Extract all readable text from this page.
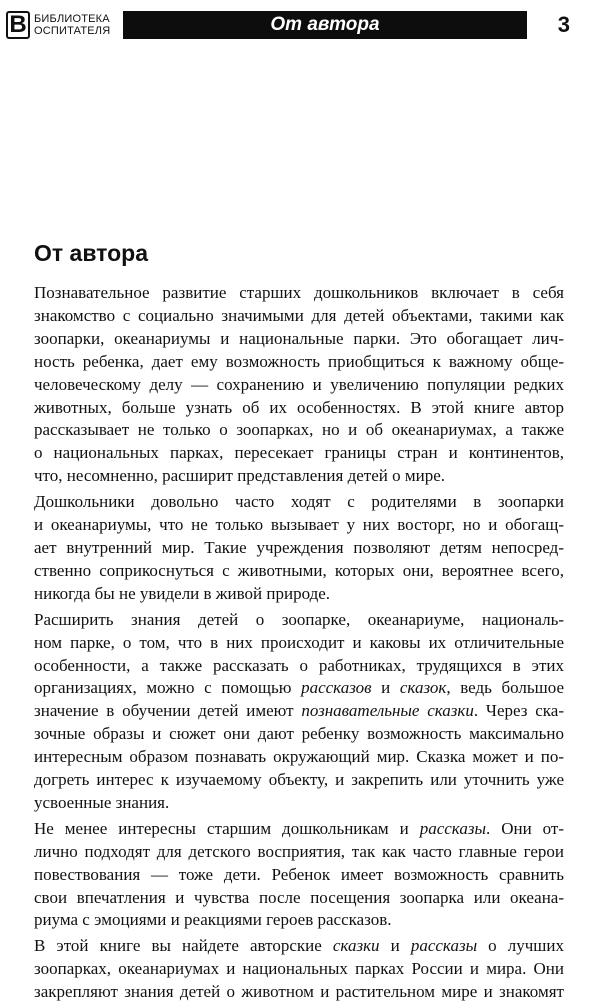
В БИБЛИОТЕКА
ОСПИТАТЕЛЯ	От автора	3
От автора

Познавательное развитие старших дошкольников включает в себя

знакомство с социально значимыми для детей объектами, такими как

зоопарки, океанариумы и национальные парки. Это обогащает лич-

ность ребенка, дает ему возможность приобщиться к важному обще-

человеческому делу — сохранению и увеличению популяции редких

животных, больше узнать об их особенностях. В этой книге автор

рассказывает не только о зоопарках, но и об океанариумах, а также

о национальных парках, пересекает границы стран и континентов,

что, несомненно, расширит представления детей о мире.

Дошкольники довольно часто ходят с родителями в зоопарки

и океанариумы, что не только вызывает у них восторг, но и обогащ-

ает внутренний мир. Такие учреждения позволяют детям непосред-

ственно соприкоснуться с животными, которых они, вероятнее всего,

никогда бы не увидели в живой природе.

Расширить знания детей о зоопарке, океанариуме, националь-

ном парке, о том, что в них происходит и каковы их отличительные

особенности, а также рассказать о работниках, трудящихся в этих

организациях, можно с помощью рассказов и сказок, ведь большое

значение в обучении детей имеют познавательные сказки. Через ска-

зочные образы и сюжет они дают ребенку возможность максимально

интересным образом познавать окружающий мир. Сказка может и по-

догреть интерес к изучаемому объекту, и закрепить или уточнить уже

усвоенные знания.

Не менее интересны старшим дошкольникам и рассказы. Они от-

лично подходят для детского восприятия, так как часто главные герои

повествования — тоже дети. Ребенок имеет возможность сравнить

свои впечатления и чувства после посещения зоопарка или океана-

риума с эмоциями и реакциями героев рассказов.

В этой книге вы найдете авторские сказки и рассказы о лучших

зоопарках, океанариумах и национальных парках России и мира. Они

закрепляют знания детей о животном и растительном мире и знакомят
